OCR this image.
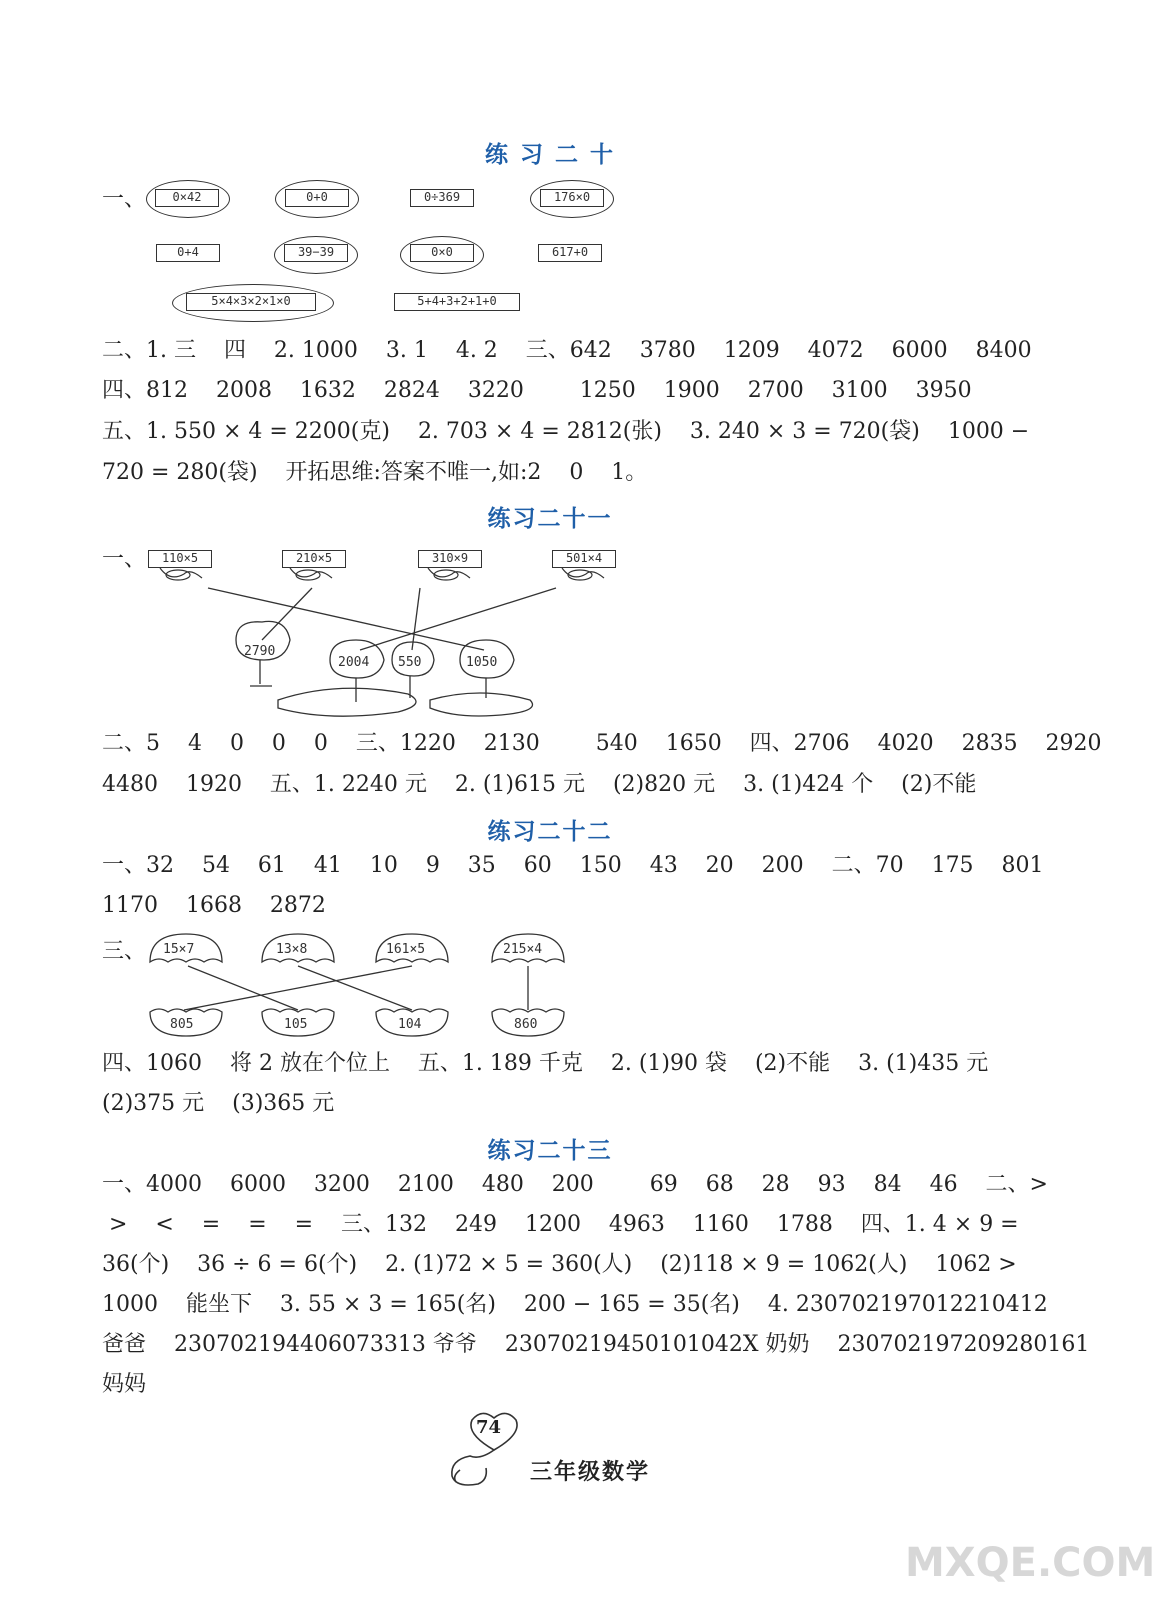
练 习 二 十
一、	0×42	0+0	0÷369	176×0
0+4	39−39	0×0	617+0
5×4×3×2×1×0	5+4+3+2+1+0
二、1. 三    四    2. 1000    3. 1    4. 2    三、642    3780    1209    4072    6000    8400
四、812    2008    1632    2824    3220        1250    1900    2700    3100    3950
五、1. 550 × 4 = 2200(克)    2. 703 × 4 = 2812(张)    3. 240 × 3 = 720(袋)    1000 −
720 = 280(袋)    开拓思维:答案不唯一,如:2    0    1。
练习二十一
一、
2790
2004 550	1050
15×7	13×8	161×5	215×4
805	105	104	860
110×5	210×5	310×9	501×4
二、5    4    0    0    0    三、1220    2130        540    1650    四、2706    4020    2835    2920
4480    1920    五、1. 2240 元    2. (1)615 元    (2)820 元    3. (1)424 个    (2)不能
练习二十二
一、32    54    61    41    10    9    35    60    150    43    20    200    二、70    175    801
1170    1668    2872
三、
四、1060    将 2 放在个位上    五、1. 189 千克    2. (1)90 袋    (2)不能    3. (1)435 元
(2)375 元    (3)365 元
练习二十三
一、4000    6000    3200    2100    480    200        69    68    28    93    84    46    二、>
>    <    =    =    =    三、132    249    1200    4963    1160    1788    四、1. 4 × 9 =
36(个)    36 ÷ 6 = 6(个)    2. (1)72 × 5 = 360(人)    (2)118 × 9 = 1062(人)    1062 >
1000    能坐下    3. 55 × 3 = 165(名)    200 − 165 = 35(名)    4. 230702197012210412
爸爸    230702194406073313 爷爷    23070219450101042X 奶奶    230702197209280161
妈妈
74
三年级数学
MXQE.COM
